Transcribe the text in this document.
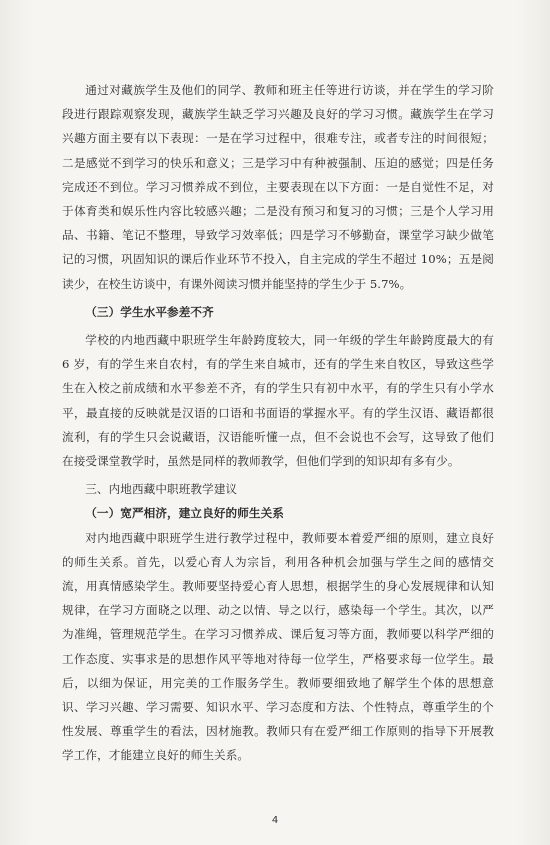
通过对藏族学生及他们的同学、教师和班主任等进行访谈，并在学生的学习阶段进行跟踪观察发现，藏族学生缺乏学习兴趣及良好的学习习惯。藏族学生在学习兴趣方面主要有以下表现：一是在学习过程中，很难专注，或者专注的时间很短；二是感觉不到学习的快乐和意义；三是学习中有种被强制、压迫的感觉；四是任务完成还不到位。学习习惯养成不到位，主要表现在以下方面：一是自觉性不足，对于体育类和娱乐性内容比较感兴趣；二是没有预习和复习的习惯；三是个人学习用品、书籍、笔记不整理，导致学习效率低；四是学习不够勤奋，课堂学习缺少做笔记的习惯，巩固知识的课后作业环节不投入，自主完成的学生不超过 10%；五是阅读少，在校生访谈中，有课外阅读习惯并能坚持的学生少于 5.7%。

（三）学生水平参差不齐

学校的内地西藏中职班学生年龄跨度较大，同一年级的学生年龄跨度最大的有 6 岁，有的学生来自农村，有的学生来自城市，还有的学生来自牧区，导致这些学生在入校之前成绩和水平参差不齐，有的学生只有初中水平，有的学生只有小学水平，最直接的反映就是汉语的口语和书面语的掌握水平。有的学生汉语、藏语都很流利，有的学生只会说藏语，汉语能听懂一点，但不会说也不会写，这导致了他们在接受课堂教学时，虽然是同样的教师教学，但他们学到的知识却有多有少。

三、内地西藏中职班教学建议

（一）宽严相济，建立良好的师生关系

对内地西藏中职班学生进行教学过程中，教师要本着爱严细的原则，建立良好的师生关系。首先，以爱心育人为宗旨，利用各种机会加强与学生之间的感情交流，用真情感染学生。教师要坚持爱心育人思想，根据学生的身心发展规律和认知规律，在学习方面晓之以理、动之以情、导之以行，感染每一个学生。其次，以严为准绳，管理规范学生。在学习习惯养成、课后复习等方面，教师要以科学严细的工作态度、实事求是的思想作风平等地对待每一位学生，严格要求每一位学生。最后，以细为保证，用完美的工作服务学生。教师要细致地了解学生个体的思想意识、学习兴趣、学习需要、知识水平、学习态度和方法、个性特点，尊重学生的个性发展、尊重学生的看法，因材施教。教师只有在爱严细工作原则的指导下开展教学工作，才能建立良好的师生关系。

4
